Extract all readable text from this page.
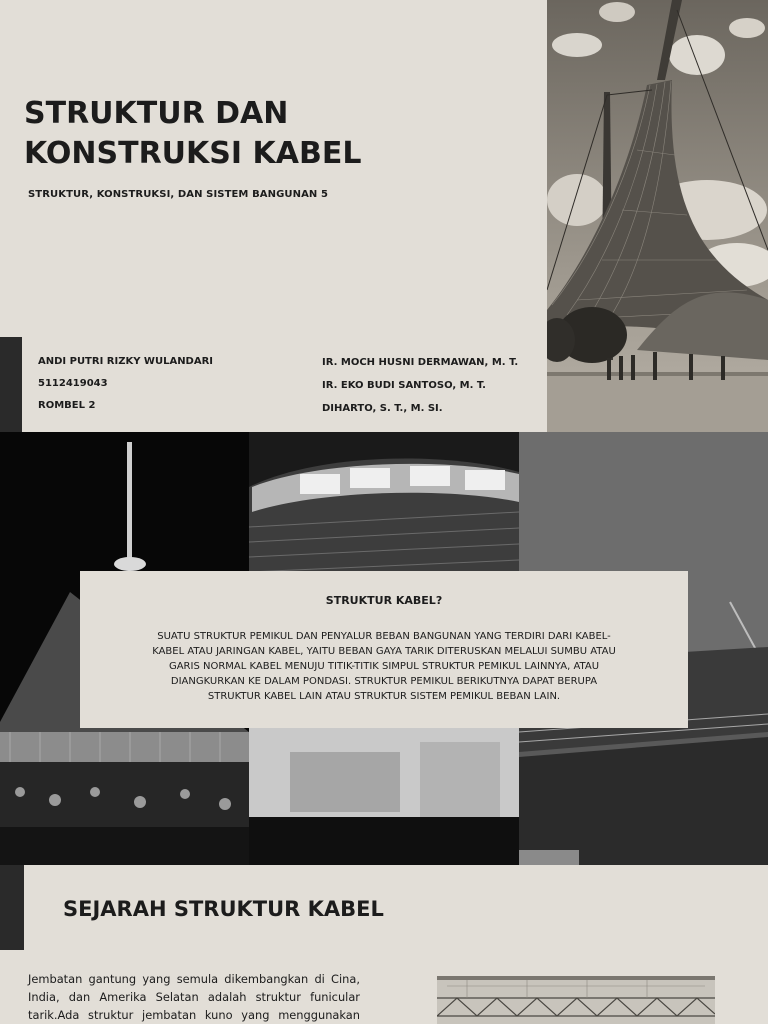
STRUKTUR DAN
KONSTRUKSI KABEL
STRUKTUR, KONSTRUKSI, DAN SISTEM BANGUNAN 5
ANDI PUTRI RIZKY WULANDARI
5112419043
ROMBEL 2
IR. MOCH HUSNI DERMAWAN, M. T.
IR. EKO BUDI SANTOSO, M. T.
DIHARTO, S. T., M. SI.
STRUKTUR KABEL?
SUATU STRUKTUR PEMIKUL DAN PENYALUR BEBAN BANGUNAN YANG TERDIRI DARI KABEL-
KABEL ATAU JARINGAN KABEL, YAITU BEBAN GAYA TARIK DITERUSKAN MELALUI SUMBU ATAU
GARIS NORMAL KABEL MENUJU TITIK-TITIK SIMPUL STRUKTUR PEMIKUL LAINNYA, ATAU
DIANGKURKAN KE DALAM PONDASI. STRUKTUR PEMIKUL BERIKUTNYA DAPAT BERUPA
STRUKTUR KABEL LAIN ATAU STRUKTUR SISTEM PEMIKUL BEBAN LAIN.
SEJARAH STRUKTUR KABEL
Jembatan gantung yang semula dikembangkan di Cina,
India, dan Amerika Selatan adalah struktur funicular
tarik.Ada struktur jembatan kuno yang menggunakan
